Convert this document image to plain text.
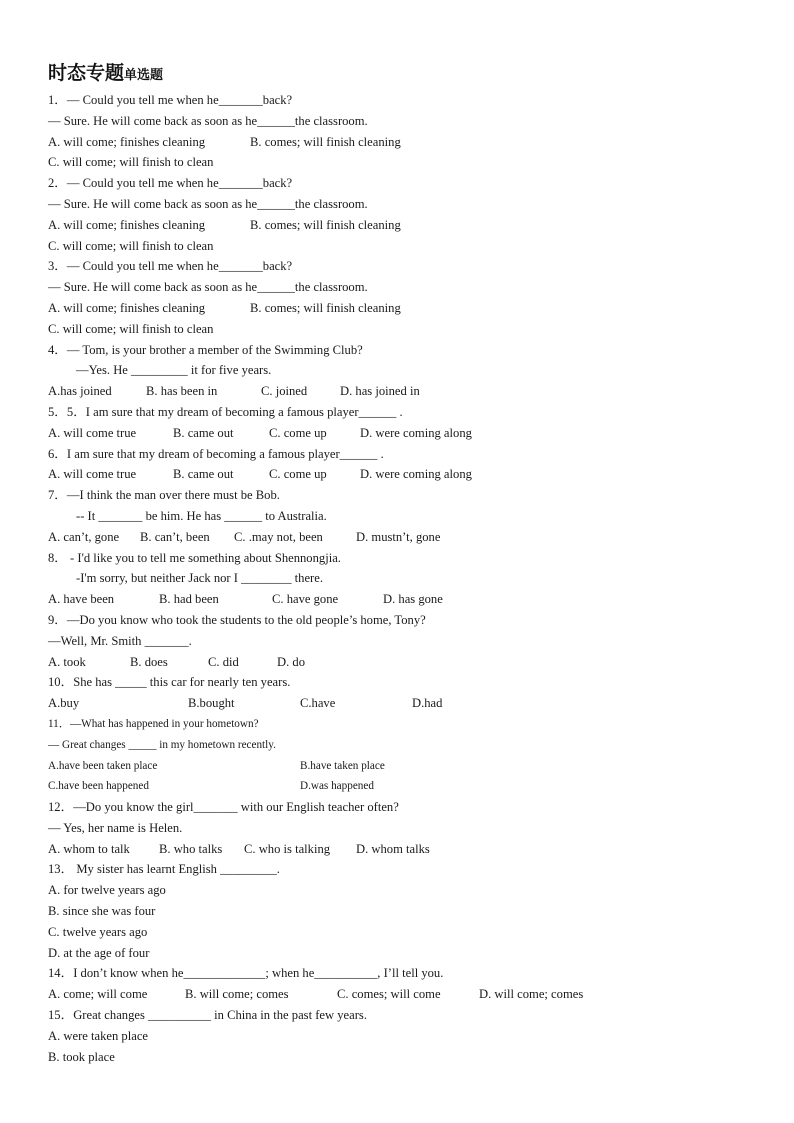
时态专题单选题
1．— Could you tell me when he_______back?
— Sure. He will come back as soon as he______the classroom.
A. will come; finishes cleaning	B. comes; will finish cleaning
C. will come; will finish to clean
2．— Could you tell me when he_______back?
— Sure. He will come back as soon as he______the classroom.
A. will come; finishes cleaning	B. comes; will finish cleaning
C. will come; will finish to clean
3．— Could you tell me when he_______back?
— Sure. He will come back as soon as he______the classroom.
A. will come; finishes cleaning	B. comes; will finish cleaning
C. will come; will finish to clean
4．— Tom, is your brother a member of the Swimming Club?
—Yes. He _________ it for five years.
A.has joined	B. has been in	C. joined	D. has joined in
5．5．I am sure that my dream of becoming a famous player______ .
A. will come true	B. came out	C. come up	D. were coming along
6．I am sure that my dream of becoming a famous player______ .
A. will come true	B. came out	C. come up	D. were coming along
7．—I think the man over there must be Bob.
-- It _______ be him. He has ______ to Australia.
A. can’t, gone B. can’t, been C. .may not, been	D. mustn’t, gone
8． - I'd like you to tell me something about Shennongjia.
-I'm sorry, but neither Jack nor I ________ there.
A. have been	B. had been	C. have gone	D. has gone
9．—Do you know who took the students to the old people’s home, Tony?
—Well, Mr. Smith _______.
A. took	B. does	C. did	D. do
10．She has _____ this car for nearly ten years.
A.buy	B.bought	C.have	D.had
11．—What has happened in your hometown?
— Great changes _____ in my hometown recently.
A.have been taken place	B.have taken place
C.have been happened	D.was happened
12．—Do you know the girl_______ with our English teacher often?
— Yes, her name is Helen.
A. whom to talk B. who talks C. who is talking D. whom talks
13． My sister has learnt English _________.
A. for twelve years ago
B. since she was four
C. twelve years ago
D. at the age of four
14．I don’t know when he_____________; when he__________, I’ll tell you.
A. come; will come	B. will come; comes	C. comes; will come	D. will come; comes
15．Great changes __________ in China in the past few years.
A. were taken place
B. took place
